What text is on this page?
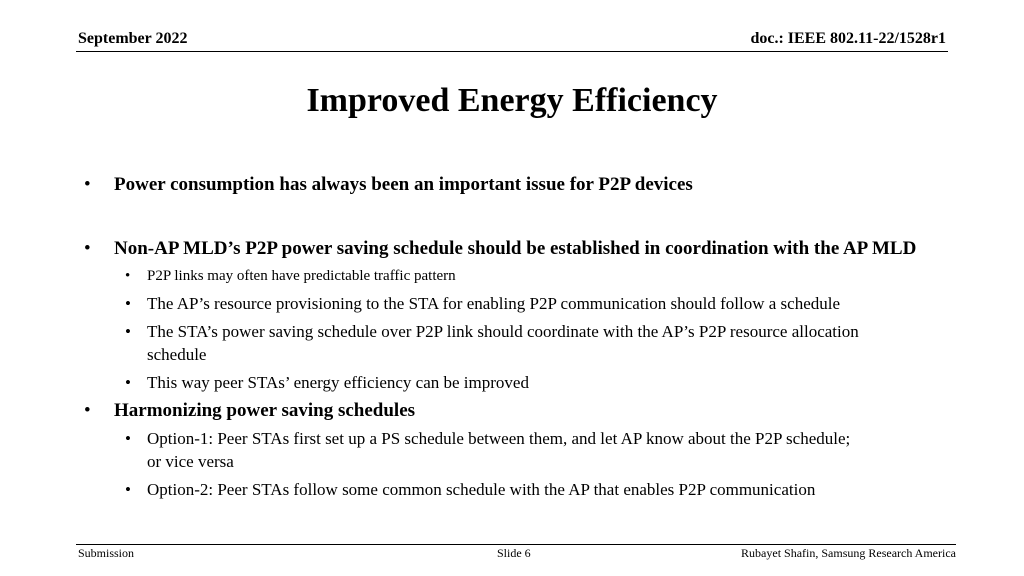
September 2022	doc.: IEEE 802.11-22/1528r1
Improved Energy Efficiency
• Power consumption has always been an important issue for P2P devices
• Non-AP MLD’s P2P power saving schedule should be established in coordination with the AP MLD
• P2P links may often have predictable traffic pattern
• The AP’s resource provisioning to the STA for enabling P2P communication should follow a schedule
• The STA’s power saving schedule over P2P link should coordinate with the AP’s P2P resource allocation schedule
• This way peer STAs’ energy efficiency can be improved
• Harmonizing power saving schedules
• Option-1: Peer STAs first set up a PS schedule between them, and let AP know about the P2P schedule; or vice versa
• Option-2: Peer STAs follow some common schedule with the AP that enables P2P communication
Submission	Slide 6	Rubayet Shafin, Samsung Research America
